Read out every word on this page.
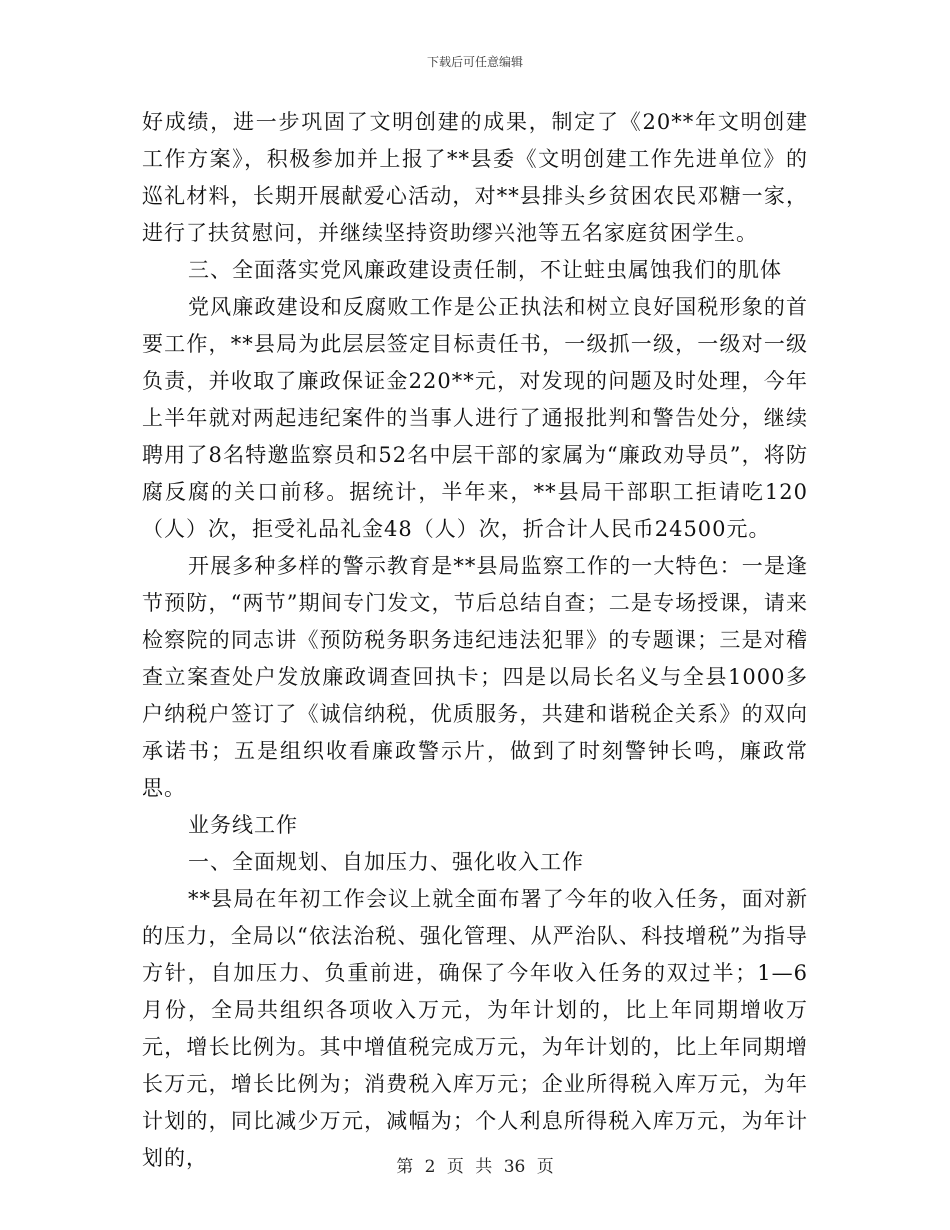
下载后可任意编辑

好成绩，进一步巩固了文明创建的成果，制定了《20**年文明创建工作方案》，积极参加并上报了**县委《文明创建工作先进单位》的巡礼材料，长期开展献爱心活动，对**县排头乡贫困农民邓糖一家，进行了扶贫慰问，并继续坚持资助缪兴池等五名家庭贫困学生。

三、全面落实党风廉政建设责任制，不让蛀虫属蚀我们的肌体

党风廉政建设和反腐败工作是公正执法和树立良好国税形象的首要工作，**县局为此层层签定目标责任书，一级抓一级，一级对一级负责，并收取了廉政保证金220**元，对发现的问题及时处理，今年上半年就对两起违纪案件的当事人进行了通报批判和警告处分，继续聘用了8名特邀监察员和52名中层干部的家属为“廉政劝导员”，将防腐反腐的关口前移。据统计，半年来，**县局干部职工拒请吃120（人）次，拒受礼品礼金48（人）次，折合计人民币24500元。

开展多种多样的警示教育是**县局监察工作的一大特色：一是逢节预防，“两节”期间专门发文，节后总结自查；二是专场授课，请来检察院的同志讲《预防税务职务违纪违法犯罪》的专题课；三是对稽查立案查处户发放廉政调查回执卡；四是以局长名义与全县1000多户纳税户签订了《诚信纳税，优质服务，共建和谐税企关系》的双向承诺书；五是组织收看廉政警示片，做到了时刻警钟长鸣，廉政常思。

业务线工作

一、全面规划、自加压力、强化收入工作

**县局在年初工作会议上就全面布署了今年的收入任务，面对新的压力，全局以“依法治税、强化管理、从严治队、科技增税”为指导方针，自加压力、负重前进，确保了今年收入任务的双过半；1—6月份，全局共组织各项收入万元，为年计划的，比上年同期增收万元，增长比例为。其中增值税完成万元，为年计划的，比上年同期增长万元，增长比例为；消费税入库万元；企业所得税入库万元，为年计划的，同比减少万元，减幅为；个人利息所得税入库万元，为年计划的，	第 2 页 共 36 页
